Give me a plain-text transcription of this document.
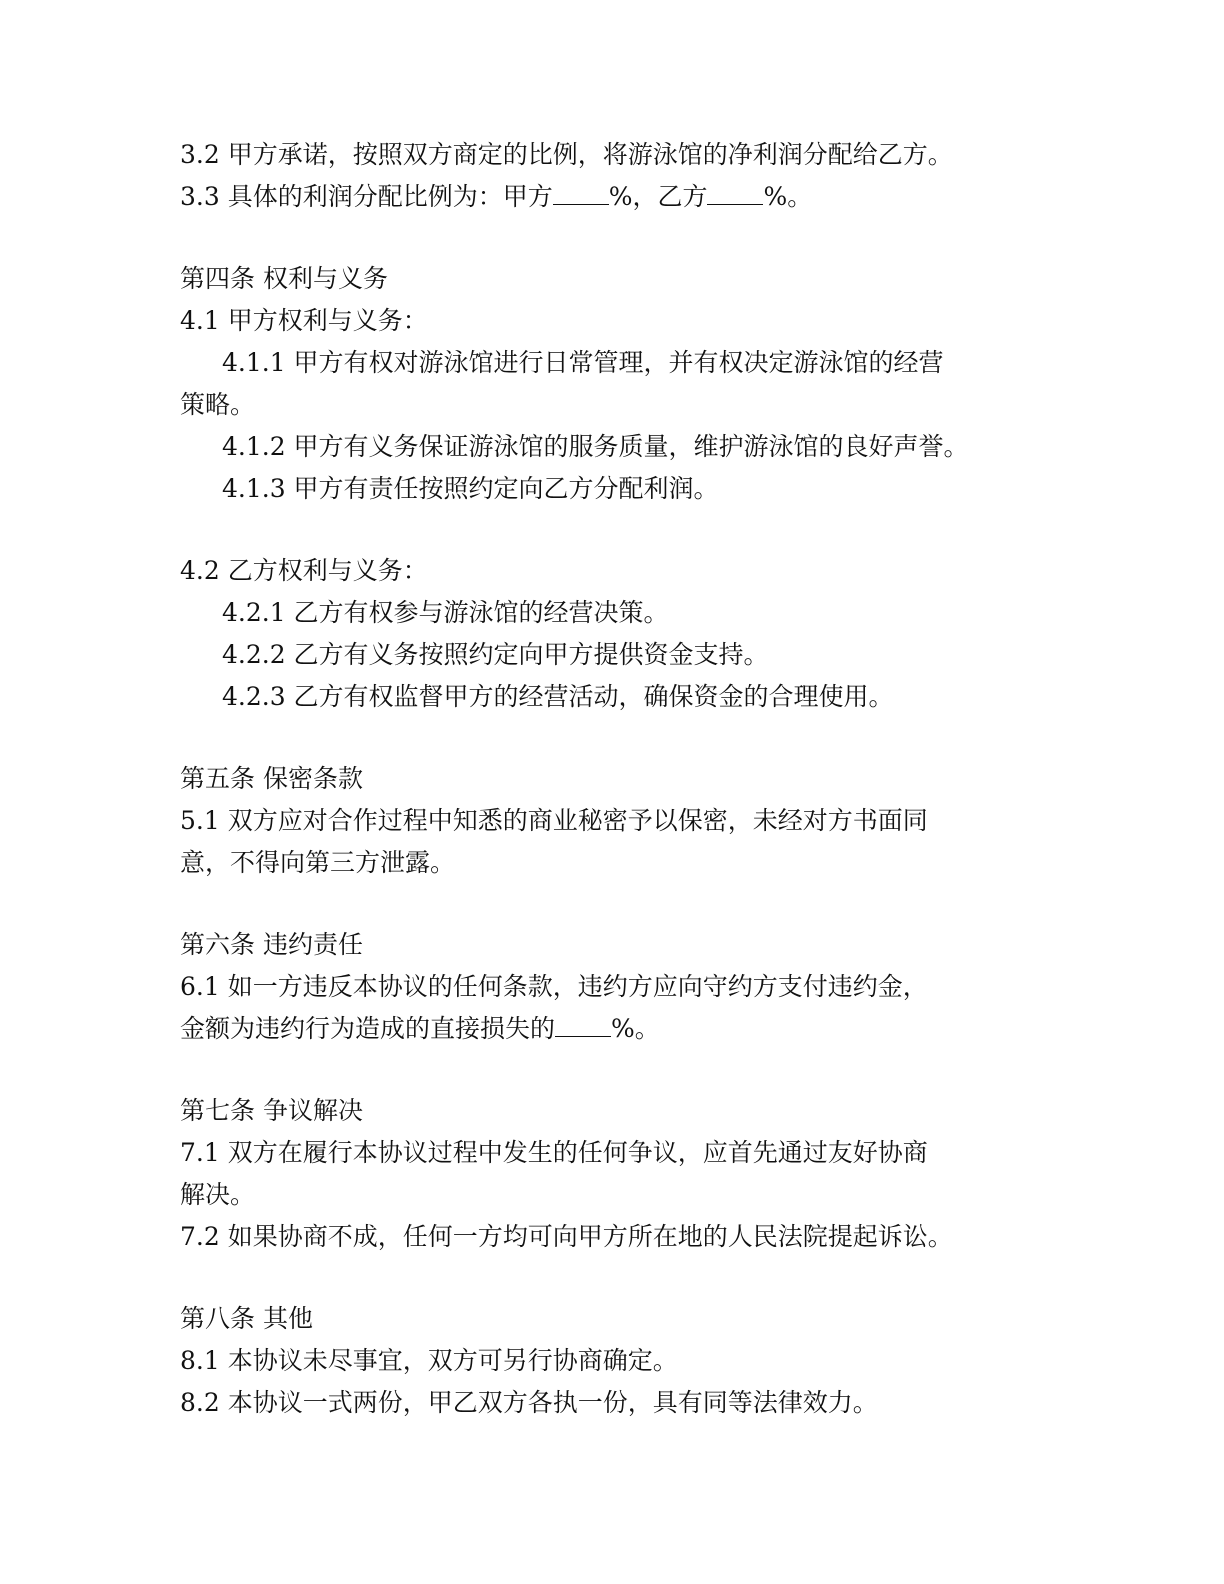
3.2 甲方承诺，按照双方商定的比例，将游泳馆的净利润分配给乙方。
3.3 具体的利润分配比例为：甲方 %，乙方 %。
第四条 权利与义务
4.1 甲方权利与义务：
4.1.1 甲方有权对游泳馆进行日常管理，并有权决定游泳馆的经营
策略。
4.1.2 甲方有义务保证游泳馆的服务质量，维护游泳馆的良好声誉。
4.1.3 甲方有责任按照约定向乙方分配利润。
4.2 乙方权利与义务：
4.2.1 乙方有权参与游泳馆的经营决策。
4.2.2 乙方有义务按照约定向甲方提供资金支持。
4.2.3 乙方有权监督甲方的经营活动，确保资金的合理使用。
第五条 保密条款
5.1 双方应对合作过程中知悉的商业秘密予以保密，未经对方书面同
意，不得向第三方泄露。
第六条 违约责任
6.1 如一方违反本协议的任何条款，违约方应向守约方支付违约金，
金额为违约行为造成的直接损失的 %。
第七条 争议解决
7.1 双方在履行本协议过程中发生的任何争议，应首先通过友好协商
解决。
7.2 如果协商不成，任何一方均可向甲方所在地的人民法院提起诉讼。
第八条 其他
8.1 本协议未尽事宜，双方可另行协商确定。
8.2 本协议一式两份，甲乙双方各执一份，具有同等法律效力。
